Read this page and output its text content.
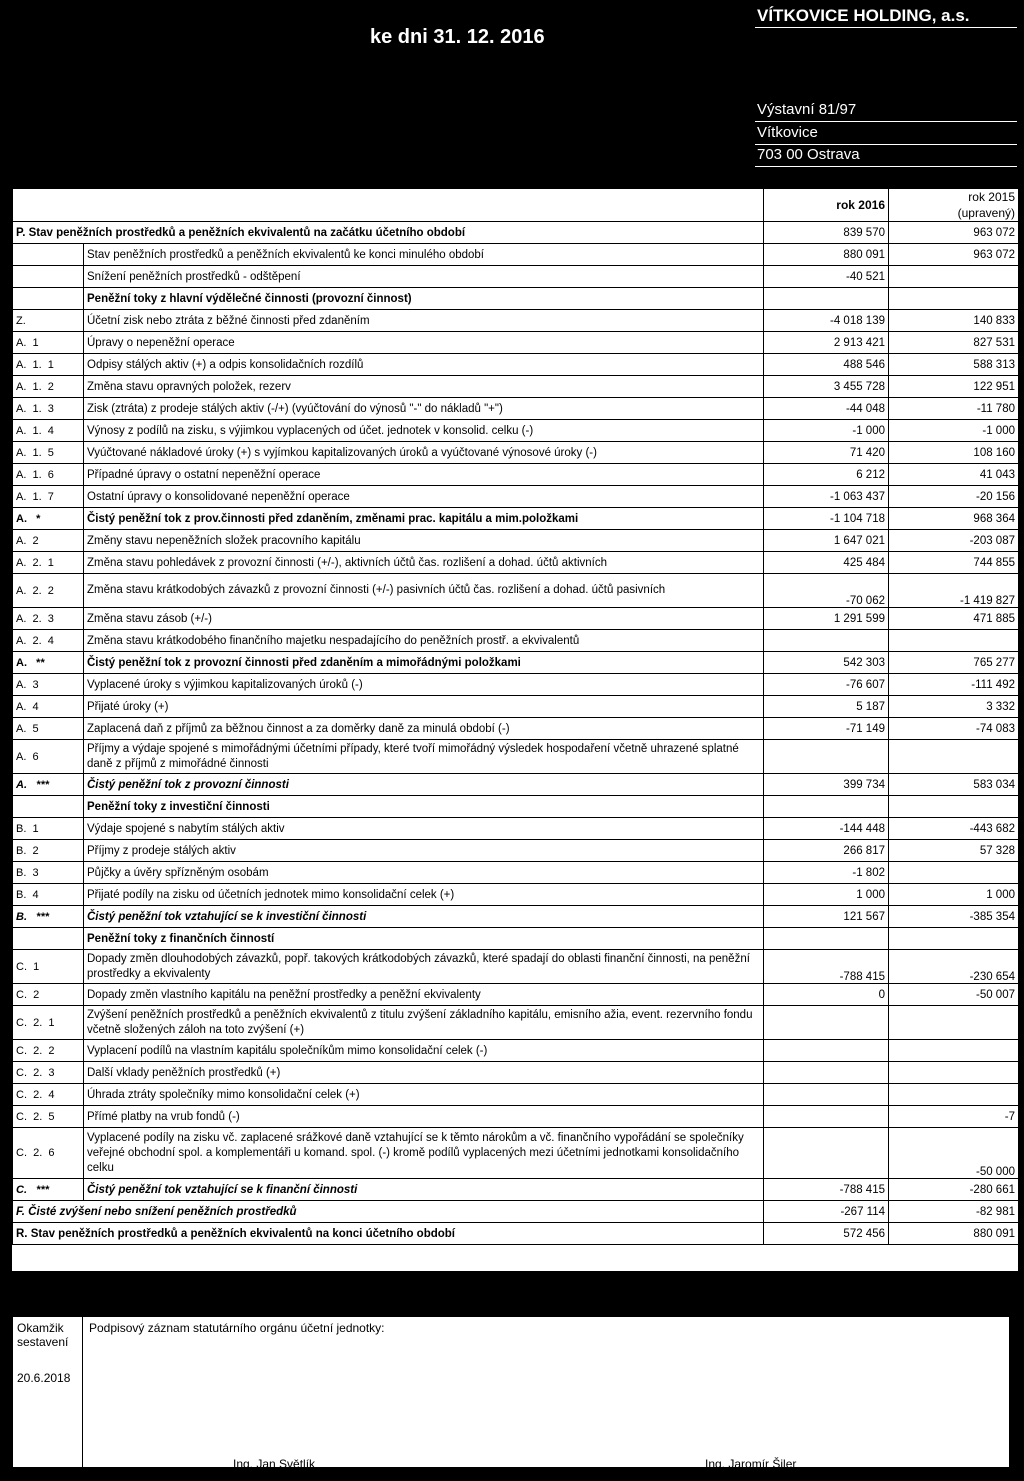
ke dni 31. 12. 2016
VÍTKOVICE HOLDING, a.s.
Výstavní 81/97
Vítkovice
703 00 Ostrava
		rok 2016	rok 2015
(upravený)

P. Stav peněžních prostředků a peněžních ekvivalentů na začátku účetního období		839 570	963 072
	Stav peněžních prostředků a peněžních ekvivalentů ke konci minulého období	880 091	963 072
	Snížení peněžních prostředků - odštěpení	-40 521	
	Peněžní toky z hlavní výdělečné činnosti (provozní činnost)		
Z.	Účetní zisk nebo ztráta z běžné činnosti před zdaněním	-4 018 139	140 833
A.  1	Úpravy o nepeněžní operace	2 913 421	827 531
A.  1.  1	Odpisy stálých aktiv (+) a odpis konsolidačních rozdílů	488 546	588 313
A.  1.  2	Změna stavu opravných položek, rezerv	3 455 728	122 951
A.  1.  3	Zisk (ztráta) z prodeje stálých aktiv (-/+) (vyúčtování do výnosů "-" do nákladů "+")	-44 048	-11 780
A.  1.  4	Výnosy z podílů na zisku, s výjimkou vyplacených od účet. jednotek v konsolid. celku (-)	-1 000	-1 000
A.  1.  5	Vyúčtované nákladové úroky (+) s vyjímkou kapitalizovaných úroků a vyúčtované výnosové úroky (-)	71 420	108 160
A.  1.  6	Případné úpravy o ostatní nepeněžní operace	6 212	41 043
A.  1.  7	Ostatní úpravy o konsolidované nepeněžní operace	-1 063 437	-20 156
A.   *	Čistý peněžní tok z prov.činnosti před zdaněním, změnami prac. kapitálu a mim.položkami	-1 104 718	968 364
A.  2	Změny stavu nepeněžních složek pracovního kapitálu	1 647 021	-203 087
A.  2.  1	Změna stavu pohledávek z provozní činnosti (+/-), aktivních účtů čas. rozlišení a dohad. účtů aktivních	425 484	744 855
A.  2.  2	Změna stavu krátkodobých závazků z provozní činnosti (+/-) pasivních účtů čas. rozlišení a dohad. účtů pasivních	-70 062	-1 419 827
A.  2.  3	Změna stavu zásob (+/-)	1 291 599	471 885
A.  2.  4	Změna stavu krátkodobého finančního majetku nespadajícího do peněžních prostř. a ekvivalentů		
A.   **	Čistý peněžní tok z provozní činnosti před zdaněním a mimořádnými položkami	542 303	765 277
A.  3	Vyplacené úroky s výjimkou kapitalizovaných úroků (-)	-76 607	-111 492
A.  4	Přijaté úroky (+)	5 187	3 332
A.  5	Zaplacená daň z příjmů za běžnou činnost a za doměrky daně za minulá období (-)	-71 149	-74 083
A.  6	Příjmy a výdaje spojené s mimořádnými účetními případy, které tvoří mimořádný výsledek hospodaření včetně uhrazené splatné daně z příjmů z mimořádné činnosti		
A.   ***	Čistý peněžní tok z provozní činnosti	399 734	583 034
	Peněžní toky z investiční činnosti		
B.  1	Výdaje spojené s nabytím stálých aktiv	-144 448	-443 682
B.  2	Příjmy z prodeje stálých aktiv	266 817	57 328
B.  3	Půjčky a úvěry spřízněným osobám	-1 802	
B.  4	Přijaté podíly na zisku od účetních jednotek mimo konsolidační celek (+)	1 000	1 000
B.   ***	Čistý peněžní tok vztahující se k investiční činnosti	121 567	-385 354
	Peněžní toky z finančních činností		
C.  1	Dopady změn dlouhodobých závazků, popř. takových krátkodobých závazků, které spadají do oblasti finanční činnosti, na peněžní prostředky a ekvivalenty	-788 415	-230 654
C.  2	Dopady změn vlastního kapitálu na peněžní prostředky a peněžní ekvivalenty	0	-50 007
C.  2.  1	Zvýšení peněžních prostředků a peněžních ekvivalentů z titulu zvýšení základního kapitálu, emisního ažia, event. rezervního fondu včetně složených záloh na toto zvýšení (+)		
C.  2.  2	Vyplacení podílů na vlastním kapitálu společníkům mimo konsolidační celek (-)		
C.  2.  3	Další vklady peněžních prostředků (+)		
C.  2.  4	Úhrada ztráty společníky mimo konsolidační celek (+)		
C.  2.  5	Přímé platby na vrub fondů (-)		-7
C.  2.  6	Vyplacené podíly na zisku vč. zaplacené srážkové daně vztahující se k těmto nárokům a vč. finančního vypořádání se společníky veřejné obchodní spol. a komplementáři u komand. spol. (-) kromě podílů vyplacených mezi účetními jednotkami konsolidačního celku		-50 000
C.   ***	Čistý peněžní tok vztahující se k finanční činnosti	-788 415	-280 661
F. Čisté zvýšení nebo snížení peněžních prostředků		-267 114	-82 981
R. Stav peněžních prostředků a peněžních ekvivalentů na konci účetního období		572 456	880 091
Okamžik
sestavení
20.6.2018
Podpisový záznam statutárního orgánu účetní jednotky:
Ing. Jan Světlík	Ing. Jaromír Šiler
